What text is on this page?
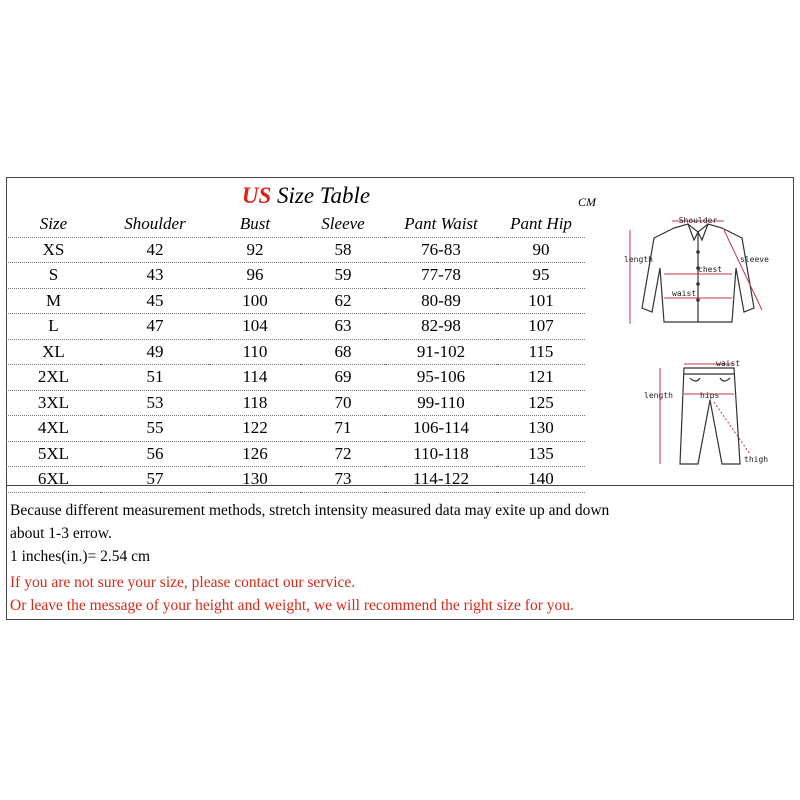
US Size Table	CM
Size	Shoulder	Bust	Sleeve	Pant Waist	Pant Hip
XS	42	92	58	76-83	90
S	43	96	59	77-78	95
M	45	100	62	80-89	101
L	47	104	63	82-98	107
XL	49	110	68	91-102	115
2XL	51	114	69	95-106	121
3XL	53	118	70	99-110	125
4XL	55	122	71	106-114	130
5XL	56	126	72	110-118	135
6XL	57	130	73	114-122	140
Shoulder
length
chest
sleeve
waist
waist
length	hips
thigh
Because different measurement methods, stretch intensity measured data may exite up and down
about 1-3 errow.
1 inches(in.)= 2.54 cm
If you are not sure your size, please contact our service.
Or leave the message of your height and weight, we will recommend the right size for you.
